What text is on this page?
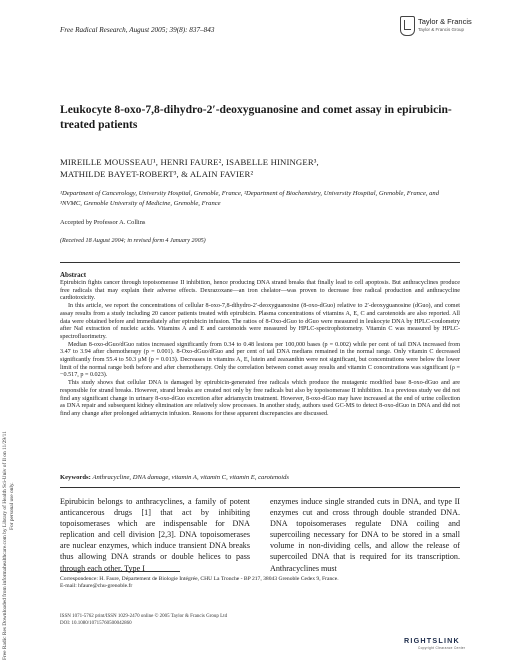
Free Radic Res Downloaded from informahealthcare.com by Library of Health Sci-Univ of Il on 11/29/11 For personal use only.
Free Radical Research, August 2005; 39(8): 837–843
Taylor & Francis
Taylor & Francis Group
Leukocyte 8-oxo-7,8-dihydro-2′-deoxyguanosine and comet assay in epirubicin-treated patients
MIREILLE MOUSSEAU¹, HENRI FAURE², ISABELLE HININGER³,
MATHILDE BAYET-ROBERT³, & ALAIN FAVIER²
¹Department of Cancerology, University Hospital, Grenoble, France, ²Department of Biochemistry, University Hospital, Grenoble, France, and ³NVMC, Grenoble University of Medicine, Grenoble, France
Accepted by Professor A. Collins
(Received 18 August 2004; in revised form 4 January 2005)
Abstract

Epirubicin fights cancer through topoisomerase II inhibition, hence producing DNA strand breaks that finally lead to cell apoptosis. But anthracyclines produce free radicals that may explain their adverse effects. Dexrazoxane—an iron chelator—was proven to decrease free radical production and anthracycline cardiotoxicity.

In this article, we report the concentrations of cellular 8-oxo-7,8-dihydro-2′-deoxyguanosine (8-oxo-dGuo) relative to 2′-deoxyguanosine (dGuo), and comet assay results from a study including 20 cancer patients treated with epirubicin. Plasma concentrations of vitamins A, E, C and carotenoids are also reported. All data were obtained before and immediately after epirubicin infusion. The ratios of 8-Oxo-dGuo to dGuo were measured in leukocyte DNA by HPLC-coulometry after NaI extraction of nucleic acids. Vitamins A and E and carotenoids were measured by HPLC-spectrophotometry. Vitamin C was measured by HPLC-spectrofluorimetry.

Median 8-oxo-dGuo/dGuo ratios increased significantly from 0.34 to 0.48 lesions per 100,000 bases (p = 0.002) while per cent of tail DNA increased from 3.47 to 3.94 after chemotherapy (p = 0.001). 8-Oxo-dGuo/dGuo and per cent of tail DNA medians remained in the normal range. Only vitamin C decreased significantly from 55.4 to 50.3 μM (p = 0.013). Decreases in vitamins A, E, lutein and zeaxanthin were not significant, but concentrations were below the lower limit of the normal range both before and after chemotherapy. Only the correlation between comet assay results and vitamin C concentrations was significant (ρ = −0.517, p = 0.023).

This study shows that cellular DNA is damaged by epirubicin-generated free radicals which produce the mutagenic modified base 8-oxo-dGuo and are responsible for strand breaks. However, strand breaks are created not only by free radicals but also by topoisomerase II inhibition. In a previous study we did not find any significant change in urinary 8-oxo-dGuo excretion after adriamycin treatment. However, 8-oxo-dGuo may have increased at the end of urine collection as DNA repair and subsequent kidney elimination are relatively slow processes. In another study, authors used GC-MS to detect 8-oxo-dGuo in DNA and did not find any change after prolonged adriamycin infusion. Reasons for these apparent discrepancies are discussed.

Keywords: Anthracycline, DNA damage, vitamin A, vitamin C, vitamin E, carotenoids
Epirubicin belongs to anthracyclines, a family of potent anticancerous drugs [1] that act by inhibiting topoisomerases which are indispensable for DNA replication and cell division [2,3]. DNA topoisomerases are nuclear enzymes, which induce transient DNA breaks thus allowing DNA strands or double helices to pass through each other. Type I
enzymes induce single stranded cuts in DNA, and type II enzymes cut and cross through double stranded DNA. DNA topoisomerases regulate DNA coiling and supercoiling necessary for DNA to be stored in a small volume in non-dividing cells, and allow the release of supercoiled DNA that is required for its transcription. Anthracyclines must
Correspondence: H. Faure, Département de Biologie Intégrée, CHU La Tronche - BP 217, 38043 Grenoble Cedex 9, France.
E-mail: hfaure@chu-grenoble.fr
ISSN 1071-5762 print/ISSN 1029-2470 online © 2005 Taylor & Francis Group Ltd
DOI: 10.1080/10715760500042860
RIGHTSLINK
Copyright Clearance Center
